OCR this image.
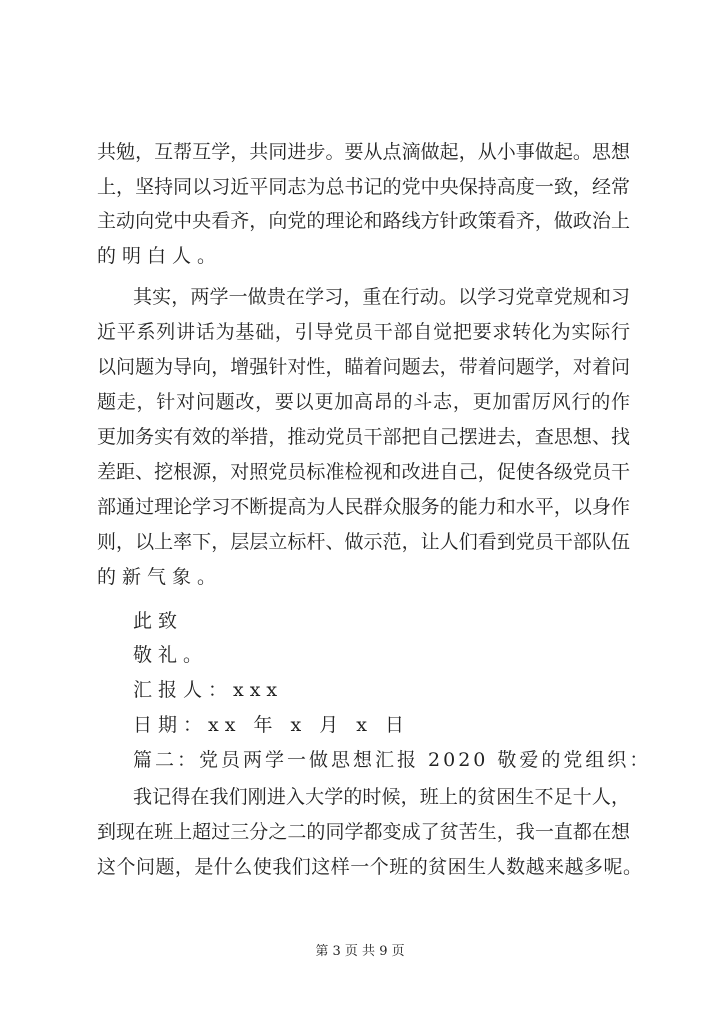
共勉，互帮互学，共同进步。要从点滴做起，从小事做起。思想
上，坚持同以习近平同志为总书记的党中央保持高度一致，经常
主动向党中央看齐，向党的理论和路线方针政策看齐，做政治上
的明白人。
其实，两学一做贵在学习，重在行动。以学习党章党规和习
近平系列讲话为基础，引导党员干部自觉把要求转化为实际行
以问题为导向，增强针对性，瞄着问题去，带着问题学，对着问
题走，针对问题改，要以更加高昂的斗志，更加雷厉风行的作
更加务实有效的举措，推动党员干部把自己摆进去，查思想、找
差距、挖根源，对照党员标准检视和改进自己，促使各级党员干
部通过理论学习不断提高为人民群众服务的能力和水平，以身作
则，以上率下，层层立标杆、做示范，让人们看到党员干部队伍
的新气象。
此致
敬礼。
汇报人：xxx
日期：xx 年 x 月 x 日
篇二：党员两学一做思想汇报 2020 敬爱的党组织：
我记得在我们刚进入大学的时候，班上的贫困生不足十人，
到现在班上超过三分之二的同学都变成了贫苦生，我一直都在想
这个问题，是什么使我们这样一个班的贫困生人数越来越多呢。
第 3 页 共 9 页
